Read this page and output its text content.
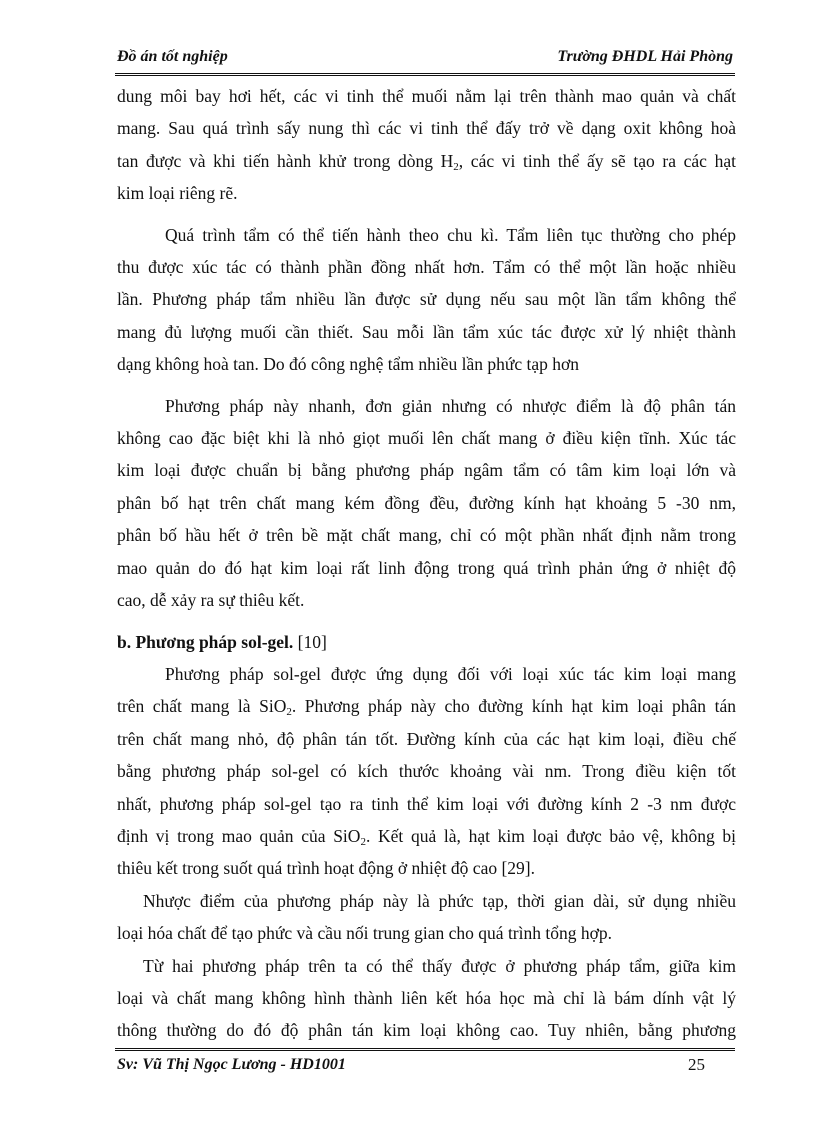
Đồ án tốt nghiệp	Trường ĐHDL Hải Phòng

dung môi bay hơi hết, các vi tinh thể muối nằm lại trên thành mao quản và chất
mang. Sau quá trình sấy nung thì các vi tinh thể đấy trở về dạng oxit không hoà
tan được và khi tiến hành khử trong dòng $H_2$, các vi tinh thể ấy sẽ tạo ra các hạt
kim loại riêng rẽ.

Quá trình tẩm có thể tiến hành theo chu kì. Tẩm liên tục thường cho phép
thu được xúc tác có thành phần đồng nhất hơn. Tẩm có thể một lần hoặc nhiều
lần. Phương pháp tẩm nhiều lần được sử dụng nếu sau một lần tẩm không thể
mang đủ lượng muối cần thiết. Sau mỗi lần tẩm xúc tác được xử lý nhiệt thành
dạng không hoà tan. Do đó công nghệ tẩm nhiều lần phức tạp hơn

Phương pháp này nhanh, đơn giản nhưng có nhược điểm là độ phân tán
không cao đặc biệt khi là nhỏ giọt muối lên chất mang ở điều kiện tĩnh. Xúc tác
kim loại được chuẩn bị bằng phương pháp ngâm tẩm có tâm kim loại lớn và
phân bố hạt trên chất mang kém đồng đều, đường kính hạt khoảng 5 -30 nm,
phân bố hầu hết ở trên bề mặt chất mang, chỉ có một phần nhất định nằm trong
mao quản do đó hạt kim loại rất linh động trong quá trình phản ứng ở nhiệt độ
cao, dễ xảy ra sự thiêu kết.

b. Phương pháp sol-gel. [10]

Phương pháp sol-gel được ứng dụng đối với loại xúc tác kim loại mang
trên chất mang là SiO$_2$. Phương pháp này cho đường kính hạt kim loại phân tán
trên chất mang nhỏ, độ phân tán tốt. Đường kính của các hạt kim loại, điều chế
bằng phương pháp sol-gel có kích thước khoảng vài nm. Trong điều kiện tốt
nhất, phương pháp sol-gel tạo ra tinh thể kim loại với đường kính 2 -3 nm được
định vị trong mao quản của SiO$_2$. Kết quả là, hạt kim loại được bảo vệ, không bị
thiêu kết trong suốt quá trình hoạt động ở nhiệt độ cao [29].

Nhược điểm của phương pháp này là phức tạp, thời gian dài, sử dụng nhiều
loại hóa chất để tạo phức và cầu nối trung gian cho quá trình tổng hợp.

Từ hai phương pháp trên ta có thể thấy được ở phương pháp tẩm, giữa kim
loại và chất mang không hình thành liên kết hóa học mà chỉ là bám dính vật lý
thông thường do đó độ phân tán kim loại không cao. Tuy nhiên, bằng phương

Sv: Vũ Thị Ngọc Lương - HD1001	25
